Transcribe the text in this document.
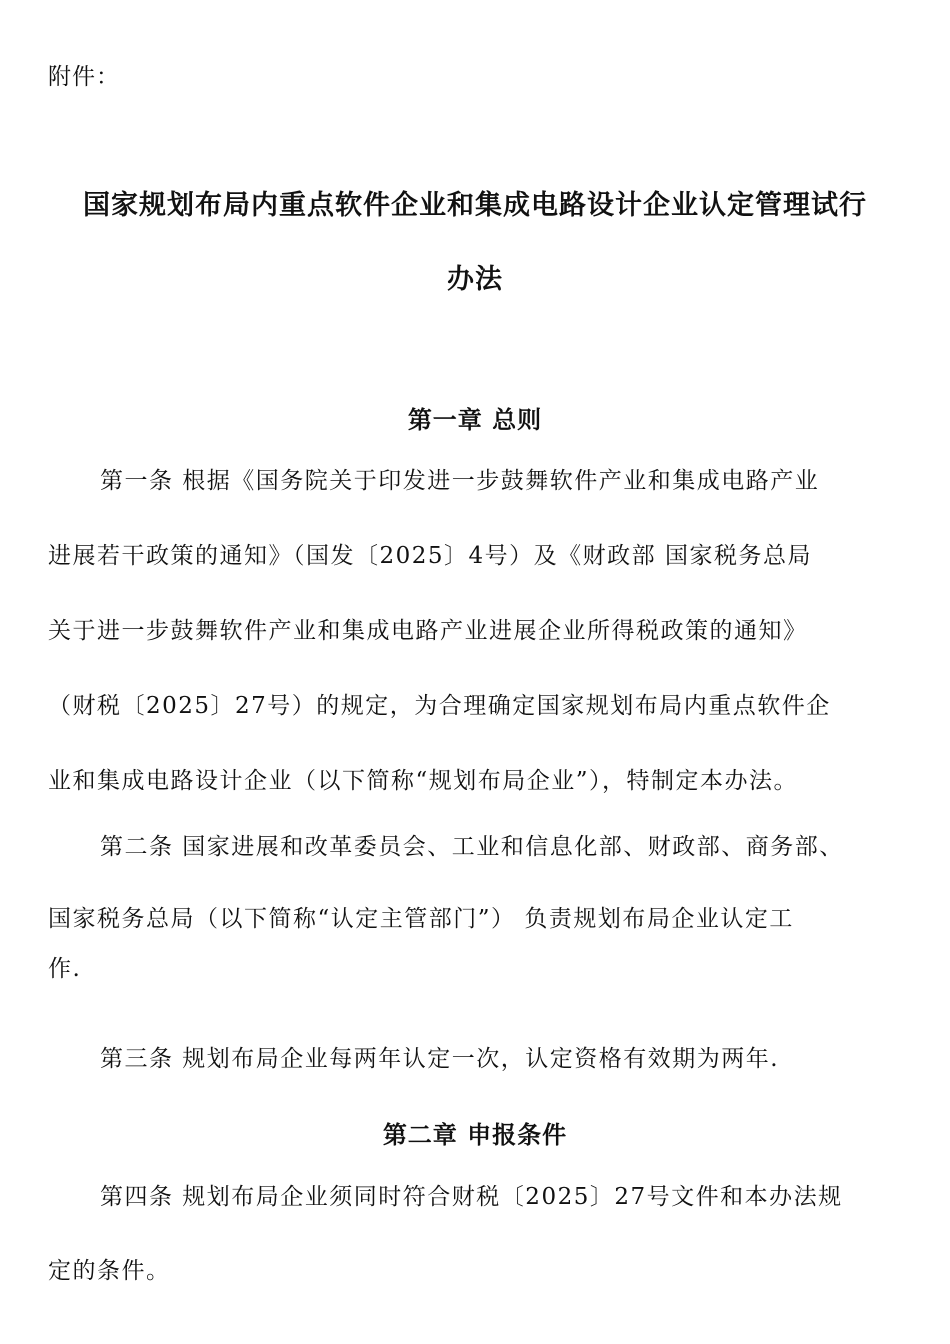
附件：
国家规划布局内重点软件企业和集成电路设计企业认定管理试行
办法
第一章 总则
第一条 根据《国务院关于印发进一步鼓舞软件产业和集成电路产业
进展若干政策的通知》（国发〔2025〕4号）及《财政部 国家税务总局
关于进一步鼓舞软件产业和集成电路产业进展企业所得税政策的通知》
（财税〔2025〕27号）的规定，为合理确定国家规划布局内重点软件企
业和集成电路设计企业（以下简称“规划布局企业”），特制定本办法。
第二条 国家进展和改革委员会、工业和信息化部、财政部、商务部、
国家税务总局（以下简称“认定主管部门”） 负责规划布局企业认定工
作.
第三条 规划布局企业每两年认定一次，认定资格有效期为两年.
第二章 申报条件
第四条 规划布局企业须同时符合财税〔2025〕27号文件和本办法规
定的条件。
